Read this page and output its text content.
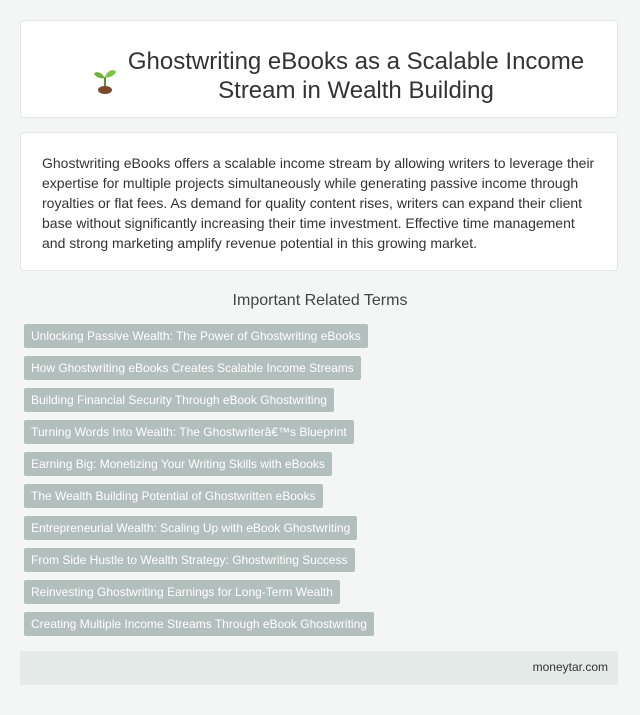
Ghostwriting eBooks as a Scalable Income Stream in Wealth Building

Ghostwriting eBooks offers a scalable income stream by allowing writers to leverage their expertise for multiple projects simultaneously while generating passive income through royalties or flat fees. As demand for quality content rises, writers can expand their client base without significantly increasing their time investment. Effective time management and strong marketing amplify revenue potential in this growing market.

Important Related Terms
Unlocking Passive Wealth: The Power of Ghostwriting eBooks
How Ghostwriting eBooks Creates Scalable Income Streams
Building Financial Security Through eBook Ghostwriting
Turning Words Into Wealth: The Ghostwriterâ€™s Blueprint
Earning Big: Monetizing Your Writing Skills with eBooks
The Wealth Building Potential of Ghostwritten eBooks
Entrepreneurial Wealth: Scaling Up with eBook Ghostwriting
From Side Hustle to Wealth Strategy: Ghostwriting Success
Reinvesting Ghostwriting Earnings for Long-Term Wealth
Creating Multiple Income Streams Through eBook Ghostwriting
moneytar.com
